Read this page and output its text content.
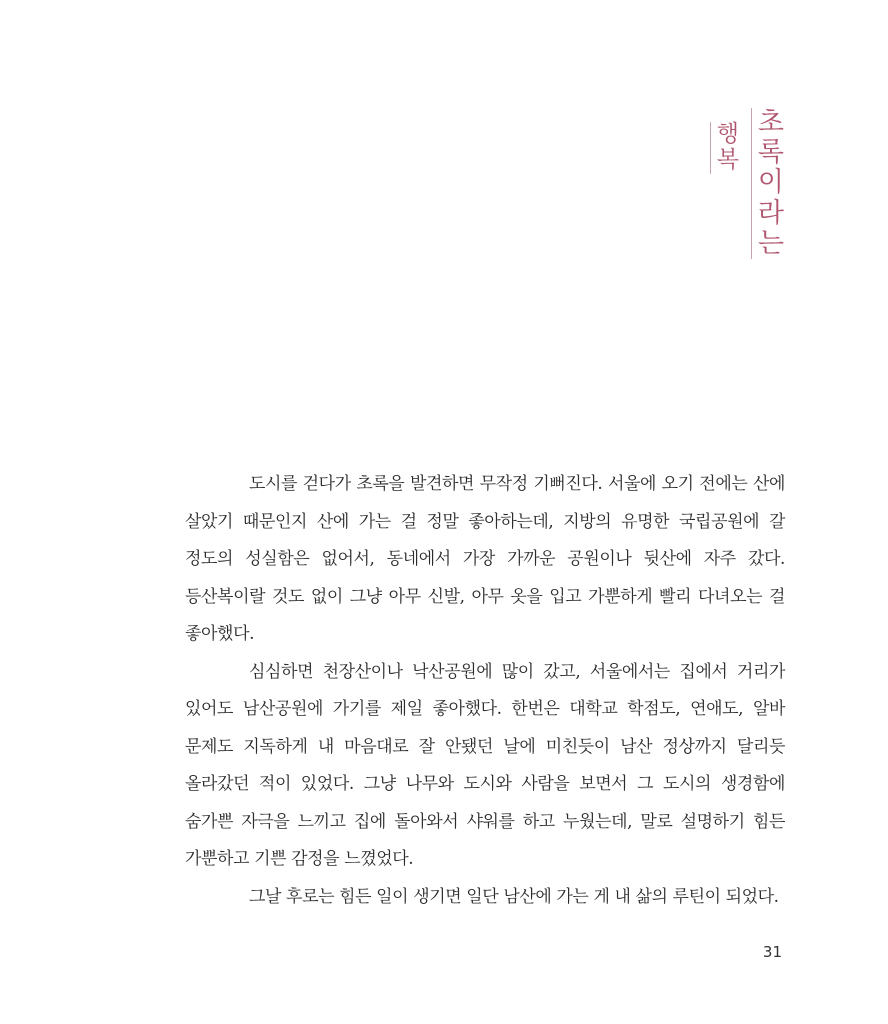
초
록
이
라
는
행
복

도시를 걷다가 초록을 발견하면 무작정 기뻐진다. 서울에 오기 전에는 산에 살았기 때문인지 산에 가는 걸 정말 좋아하는데, 지방의 유명한 국립공원에 갈 정도의 성실함은 없어서, 동네에서 가장 가까운 공원이나 뒷산에 자주 갔다. 등산복이랄 것도 없이 그냥 아무 신발, 아무 옷을 입고 가뿐하게 빨리 다녀오는 걸 좋아했다.

심심하면 천장산이나 낙산공원에 많이 갔고, 서울에서는 집에서 거리가 있어도 남산공원에 가기를 제일 좋아했다. 한번은 대학교 학점도, 연애도, 알바 문제도 지독하게 내 마음대로 잘 안됐던 날에 미친듯이 남산 정상까지 달리듯 올라갔던 적이 있었다. 그냥 나무와 도시와 사람을 보면서 그 도시의 생경함에 숨가쁜 자극을 느끼고 집에 돌아와서 샤워를 하고 누웠는데, 말로 설명하기 힘든 가뿐하고 기쁜 감정을 느꼈었다.

그날 후로는 힘든 일이 생기면 일단 남산에 가는 게 내 삶의 루틴이 되었다.

31
